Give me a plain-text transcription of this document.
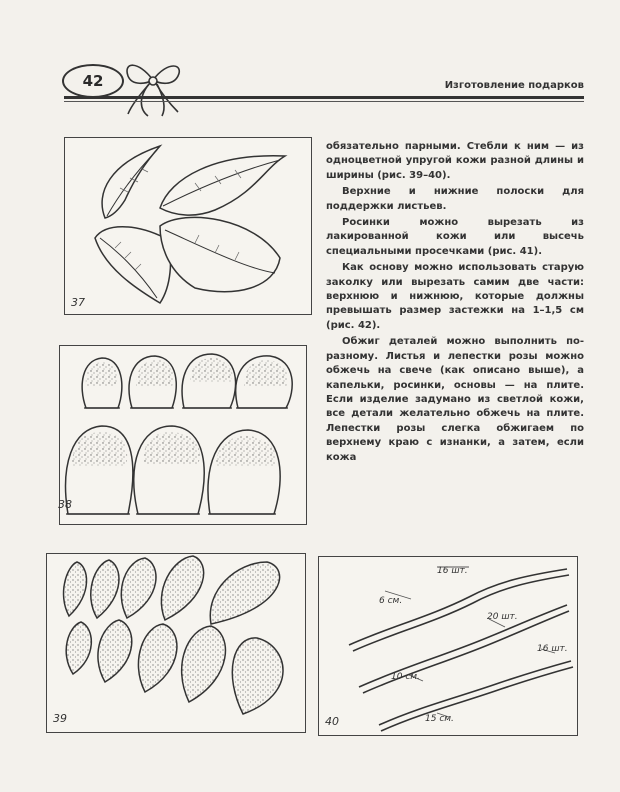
42	Изготовление подарков
37
38
39
16 шт.
6 см.
20 шт.
16 шт.
10 см.
15 см.
40

обязательно парными. Стебли к ним — из одноцветной упругой кожи разной длины и ширины (рис. 39–40).

Верхние и нижние полоски для поддержки листьев.

Росинки можно вырезать из лакированной кожи или высечь специальными просечками (рис. 41).

Как основу можно использовать старую заколку или вырезать самим две части: верхнюю и нижнюю, которые должны превышать размер застежки на 1–1,5 см (рис. 42).

Обжиг деталей можно выполнить по-разному. Листья и лепестки розы можно обжечь на свече (как описано выше), а капельки, росинки, основы — на плите. Если изделие задумано из светлой кожи, все детали желательно обжечь на плите. Лепестки розы слегка обжигаем по верхнему краю с изнанки, а затем, если кожа
